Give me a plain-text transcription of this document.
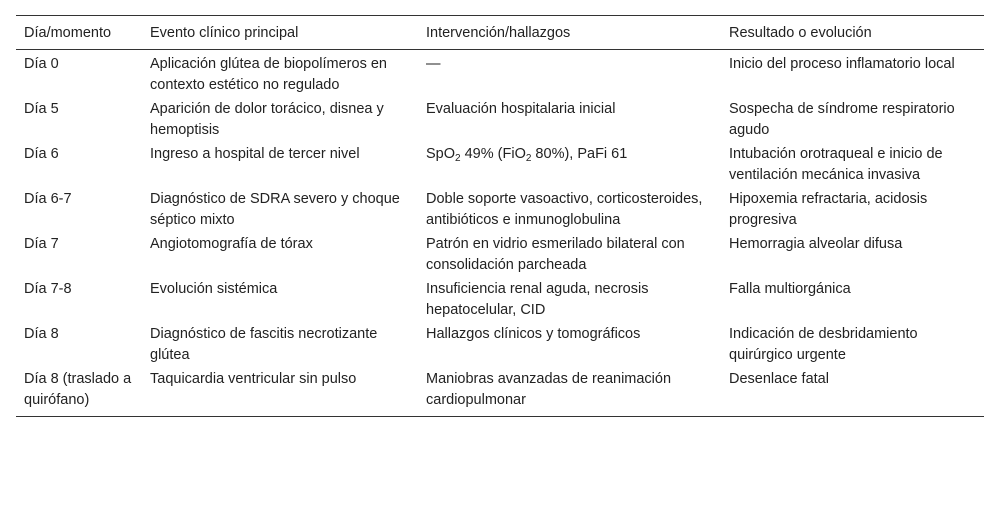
Día/momento	Evento clínico principal	Intervención/hallazgos	Resultado o evolución
Día 0	Aplicación glútea de biopolímeros en contexto estético no regulado	—	Inicio del proceso inflamatorio local
Día 5	Aparición de dolor torácico, disnea y hemoptisis	Evaluación hospitalaria inicial	Sospecha de síndrome respiratorio agudo
Día 6	Ingreso a hospital de tercer nivel	SpO$_2$ 49% (FiO$_2$ 80%), PaFi 61	Intubación orotraqueal e inicio de ventilación mecánica invasiva
Día 6-7	Diagnóstico de SDRA severo y choque séptico mixto	Doble soporte vasoactivo, corticosteroides, antibióticos e inmunoglobulina	Hipoxemia refractaria, acidosis progresiva
Día 7	Angiotomografía de tórax	Patrón en vidrio esmerilado bilateral con consolidación parcheada	Hemorragia alveolar difusa
Día 7-8	Evolución sistémica	Insuficiencia renal aguda, necrosis hepatocelular, CID	Falla multiorgánica
Día 8	Diagnóstico de fascitis necrotizante glútea	Hallazgos clínicos y tomográficos	Indicación de desbridamiento quirúrgico urgente
Día 8 (traslado a quirófano)	Taquicardia ventricular sin pulso	Maniobras avanzadas de reanimación cardiopulmonar	Desenlace fatal
